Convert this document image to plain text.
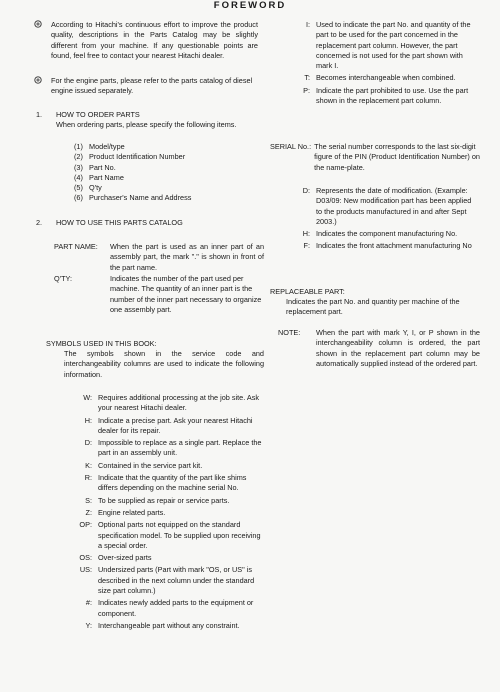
FOREWORD
According to Hitachi's continuous effort to improve the product quality, descriptions in the Parts Catalog may be slightly different from your machine. If any questionable points are found, feel free to contact your nearest Hitachi dealer.
For the engine parts, please refer to the parts catalog of diesel engine issued separately.
1. HOW TO ORDER PARTS
When ordering parts, please specify the following items.
(1) Model/type
(2) Product Identification Number
(3) Part No.
(4) Part Name
(5) Q'ty
(6) Purchaser's Name and Address
2. HOW TO USE THIS PARTS CATALOG
PART NAME:	When the part is used as an inner part of an assembly part, the mark "." is shown in front of the part name.
Q'TY:	Indicates the number of the part used per machine. The quantity of an inner part is the number of the inner part necessary to organize one assembly part.
SYMBOLS USED IN THIS BOOK:
The symbols shown in the service code and interchangeability columns are used to indicate the following information.
W: Requires additional processing at the job site. Ask your nearest Hitachi dealer.
H: Indicate a precise part. Ask your nearest Hitachi dealer for its repair.
D: Impossible to replace as a single part. Replace the part in an assembly unit.
K: Contained in the service part kit.
R: Indicate that the quantity of the part like shims differs depending on the machine serial No.
S: To be supplied as repair or service parts.
Z: Engine related parts.
OP: Optional parts not equipped on the standard specification model. To be supplied upon receiving a special order.
OS: Over-sized parts
US: Undersized parts (Part with mark "OS, or US" is described in the next column under the standard size part column.)
#: Indicates newly added parts to the equipment or component.
Y: Interchangeable part without any constraint.
I: Used to indicate the part No. and quantity of the part to be used for the part concerned in the replacement part column. However, the part concerned is not used for the part shown with mark I.
T: Becomes interchangeable when combined.
P: Indicate the part prohibited to use. Use the part shown in the replacement part column.
SERIAL No.: The serial number corresponds to the last six-digit figure of the PIN (Product Identification Number) on the name-plate.
D: Represents the date of modification. (Example: D03/09: New modification part has been applied to the products manufactured in and after Sept 2003.)
H: Indicates the component manufacturing No.
F: Indicates the front attachment manufacturing No
REPLACEABLE PART:
Indicates the part No. and quantity per machine of the replacement part.
NOTE:	When the part with mark Y, I, or P shown in the interchangeability column is ordered, the part shown in the replacement part column may be automatically supplied instead of the ordered part.
